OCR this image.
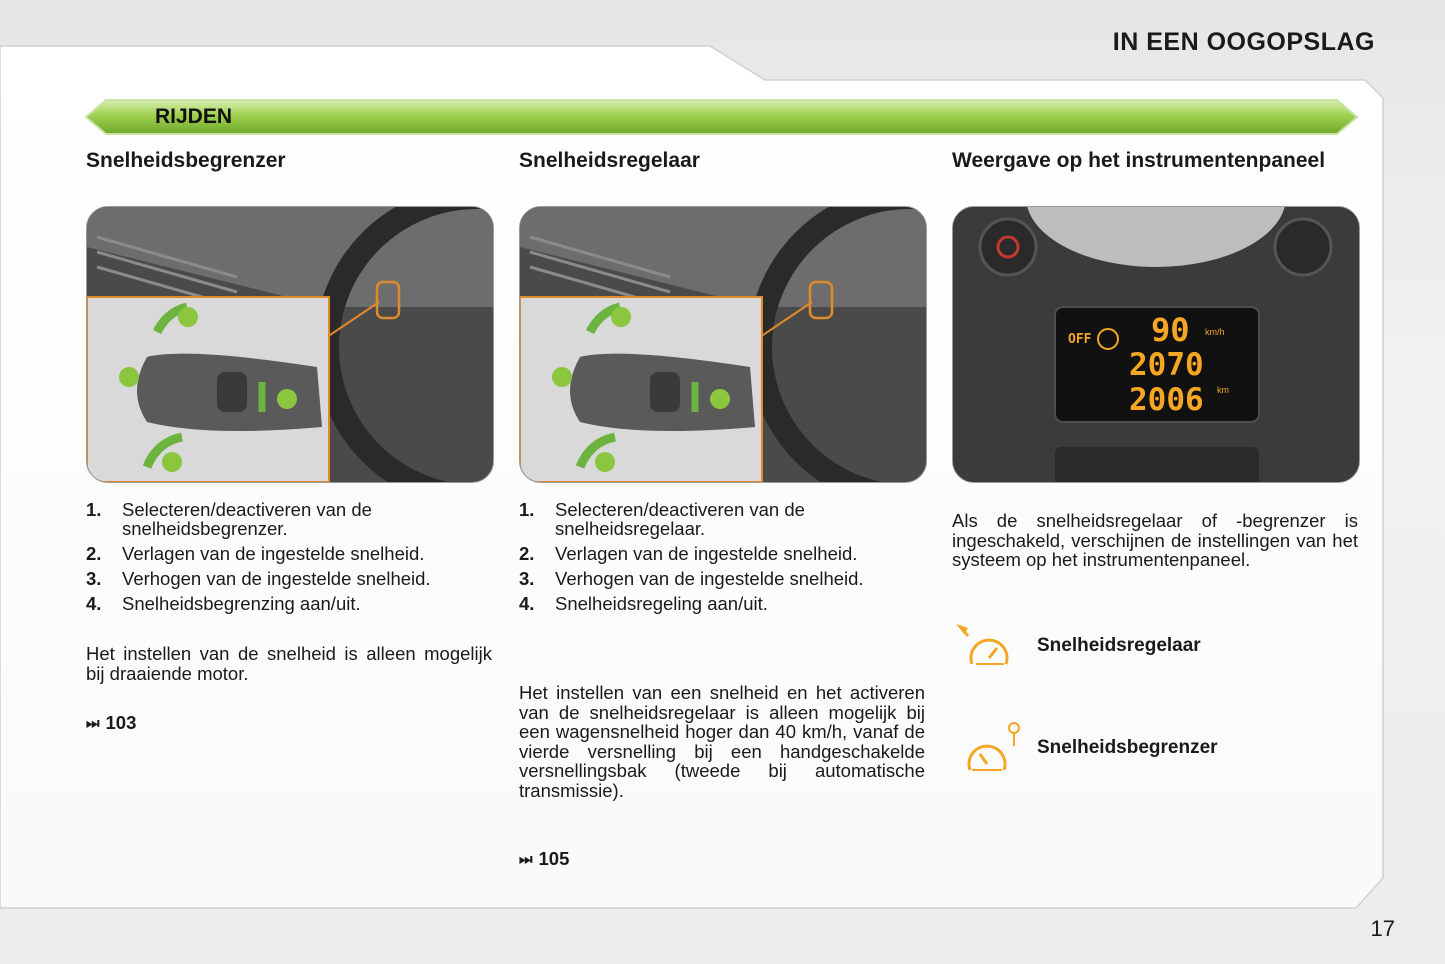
IN EEN OOGOPSLAG
RIJDEN
Snelheidsbegrenzer
1.	Selecteren/deactiveren van de snelheidsbegrenzer.
2.	Verlagen van de ingestelde snelheid.
3.	Verhogen van de ingestelde snelheid.
4.	Snelheidsbegrenzing aan/uit.

Het instellen van de snelheid is alleen mogelijk bij draaiende motor.

⏭ 103
Snelheidsregelaar
1.	Selecteren/deactiveren van de snelheidsregelaar.
2.	Verlagen van de ingestelde snelheid.
3.	Verhogen van de ingestelde snelheid.
4.	Snelheidsregeling aan/uit.

Het instellen van een snelheid en het activeren van de snelheidsregelaar is alleen mogelijk bij een wagensnelheid hoger dan 40 km/h, vanaf de vierde versnelling bij een handgeschakelde versnellingsbak (tweede bij automatische transmissie).

⏭ 105
Weergave op het instrumentenpaneel
OFF 90 km/h
2070
2006 km

Als de snelheidsregelaar of -begrenzer is ingeschakeld, verschijnen de instellingen van het systeem op het instrumentenpaneel.

Snelheidsregelaar
Snelheidsbegrenzer
17
